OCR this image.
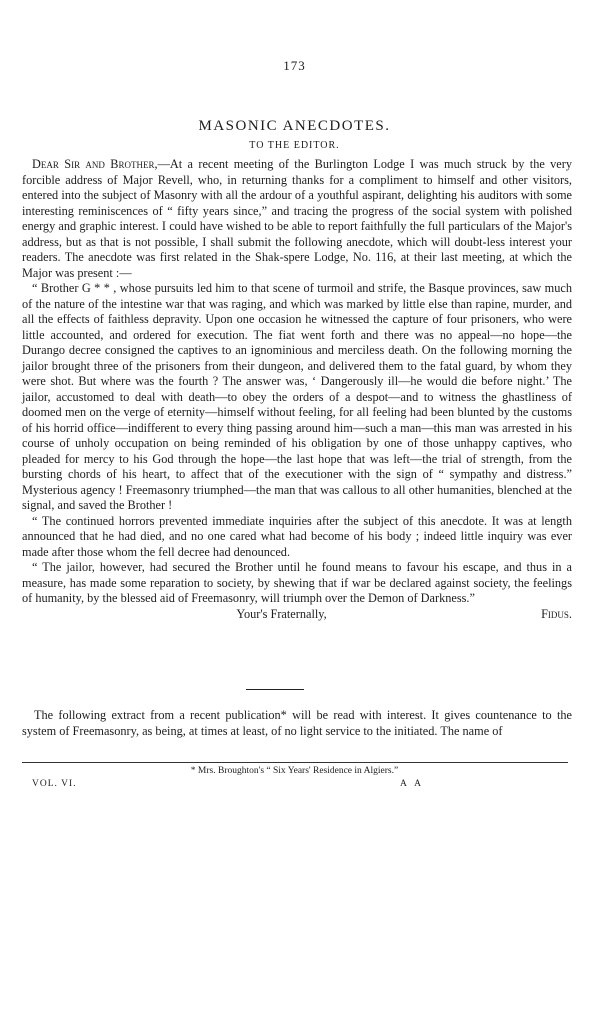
173
MASONIC ANECDOTES.
TO THE EDITOR.

Dear Sir and Brother,—At a recent meeting of the Burlington Lodge I was much struck by the very forcible address of Major Revell, who, in returning thanks for a compliment to himself and other visitors, entered into the subject of Masonry with all the ardour of a youthful aspirant, delighting his auditors with some interesting reminiscences of “ fifty years since,” and tracing the progress of the social system with polished energy and graphic interest. I could have wished to be able to report faithfully the full particulars of the Major's address, but as that is not possible, I shall submit the following anecdote, which will doubt-less interest your readers. The anecdote was first related in the Shak-spere Lodge, No. 116, at their last meeting, at which the Major was present :—

“ Brother G * * , whose pursuits led him to that scene of turmoil and strife, the Basque provinces, saw much of the nature of the intestine war that was raging, and which was marked by little else than rapine, murder, and all the effects of faithless depravity. Upon one occasion he witnessed the capture of four prisoners, who were little accounted, and ordered for execution. The fiat went forth and there was no appeal—no hope—the Durango decree consigned the captives to an ignominious and merciless death. On the following morning the jailor brought three of the prisoners from their dungeon, and delivered them to the fatal guard, by whom they were shot. But where was the fourth ? The answer was, ‘ Dangerously ill—he would die before night.’ The jailor, accustomed to deal with death—to obey the orders of a despot—and to witness the ghastliness of doomed men on the verge of eternity—himself without feeling, for all feeling had been blunted by the customs of his horrid office—indifferent to every thing passing around him—such a man—this man was arrested in his course of unholy occupation on being reminded of his obligation by one of those unhappy captives, who pleaded for mercy to his God through the hope—the last hope that was left—the trial of strength, from the bursting chords of his heart, to affect that of the executioner with the sign of “ sympathy and distress.” Mysterious agency ! Freemasonry triumphed—the man that was callous to all other humanities, blenched at the signal, and saved the Brother !

“ The continued horrors prevented immediate inquiries after the subject of this anecdote. It was at length announced that he had died, and no one cared what had become of his body ; indeed little inquiry was ever made after those whom the fell decree had denounced.

“ The jailor, however, had secured the Brother until he found means to favour his escape, and thus in a measure, has made some reparation to society, by shewing that if war be declared against society, the feelings of humanity, by the blessed aid of Freemasonry, will triumph over the Demon of Darkness.”

Your's Fraternally,	Fidus.

The following extract from a recent publication* will be read with interest. It gives countenance to the system of Freemasonry, as being, at times at least, of no light service to the initiated. The name of

* Mrs. Broughton's “ Six Years' Residence in Algiers.”
VOL. VI.	A A
